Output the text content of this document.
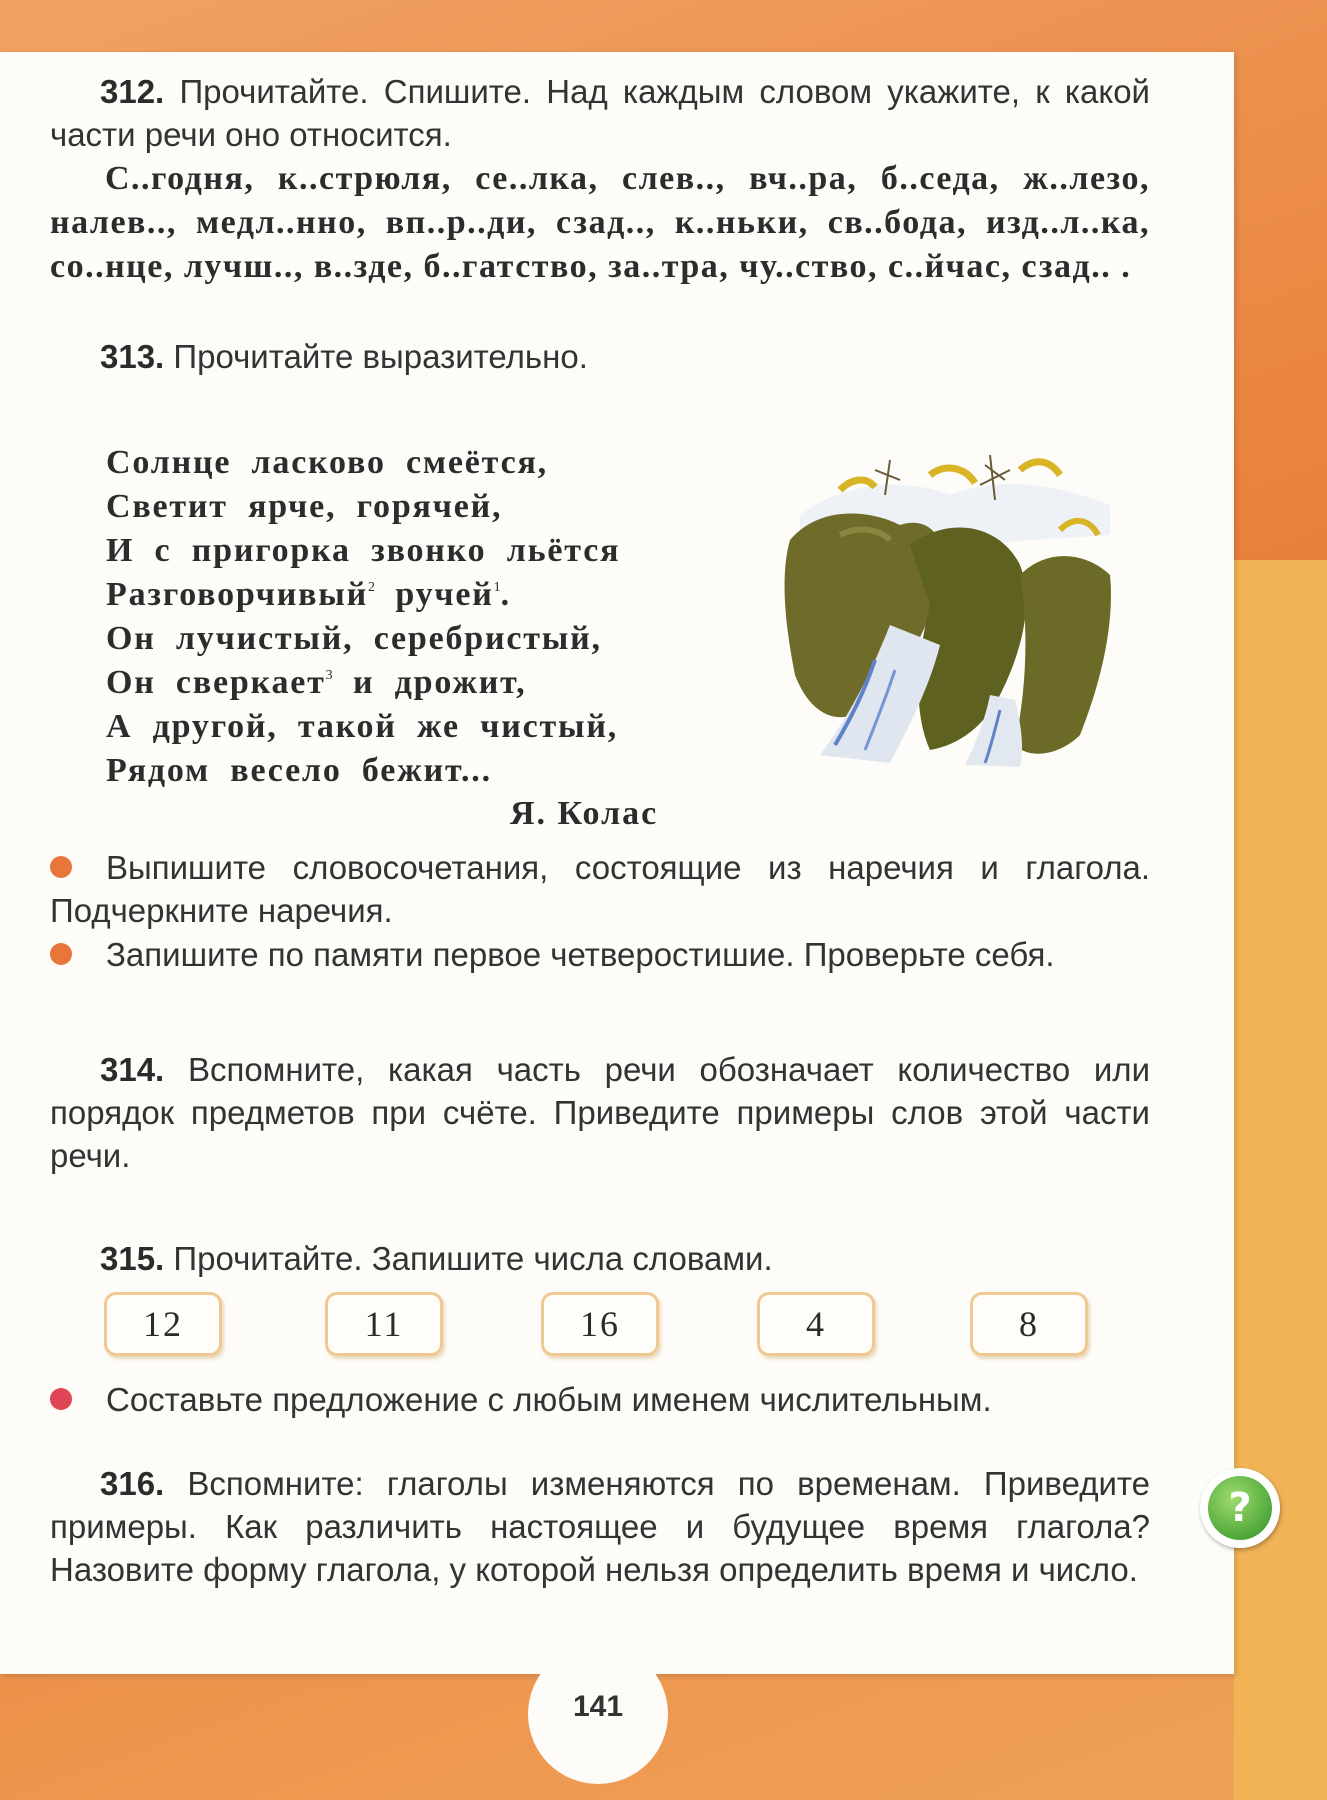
312. Прочитайте. Спишите. Над каждым словом укажите, к какой части речи оно относится.
С..годня, к..стрюля, се..лка, слев.., вч..ра, б..седа, ж..лезо, налев.., медл..нно, вп..р..ди, сзад.., к..ньки, св..бода, изд..л..ка, со..нце, лучш.., в..зде, б..гатство, за..тра, чу..ство, с..йчас, сзад.. .
313. Прочитайте выразительно.
Солнце ласково смеётся,
Светит ярче, горячей,
И с пригорка звонко льётся
Разговорчивый$^2$ ручей$^1$.
Он лучистый, серебристый,
Он сверкает$^3$ и дрожит,
А другой, такой же чистый,
Рядом весело бежит...
Я. Колас
Выпишите словосочетания, состоящие из наречия и глагола. Подчеркните наречия.
Запишите по памяти первое четверостишие. Проверьте себя.
314. Вспомните, какая часть речи обозначает количество или порядок предметов при счёте. Приведите примеры слов этой части речи.
315. Прочитайте. Запишите числа словами.
12	11	16	4	8
Составьте предложение с любым именем числительным.
316. Вспомните: глаголы изменяются по временам. Приведите примеры. Как различить настоящее и будущее время глагола? Назовите форму глагола, у которой нельзя определить время и число.
?
141
